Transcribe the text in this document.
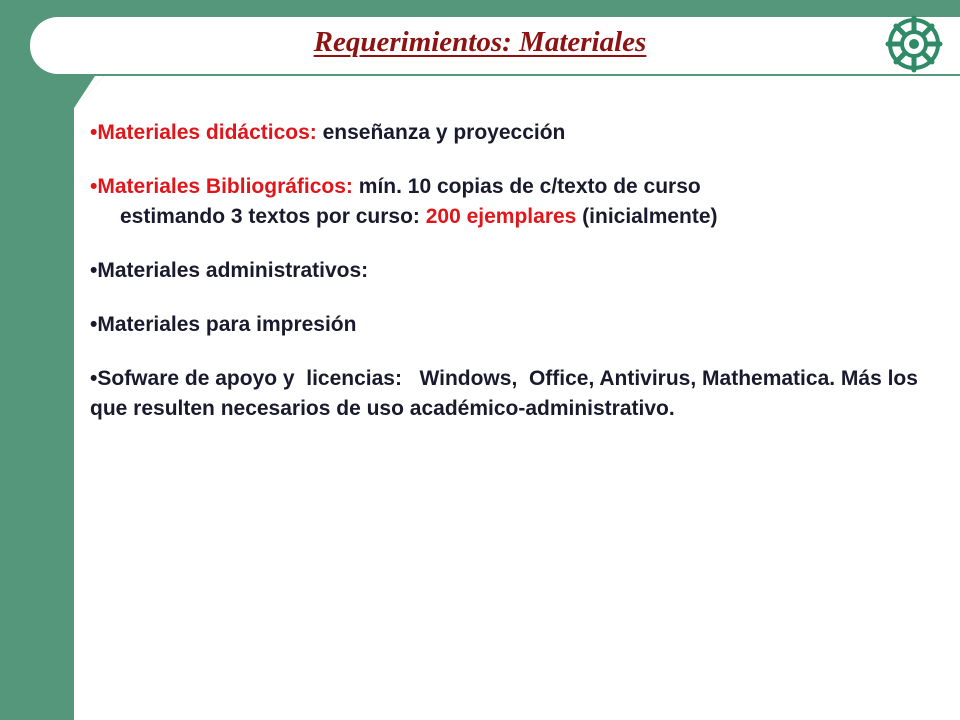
Requerimientos: Materiales
•Materiales didácticos: enseñanza y proyección
•Materiales Bibliográficos: mín. 10 copias de c/texto de curso
estimando 3 textos por curso: 200 ejemplares (inicialmente)
•Materiales administrativos:
•Materiales para impresión
•Sofware de apoyo y  licencias:   Windows,  Office, Antivirus, Mathematica. Más los que resulten necesarios de uso académico-administrativo.
